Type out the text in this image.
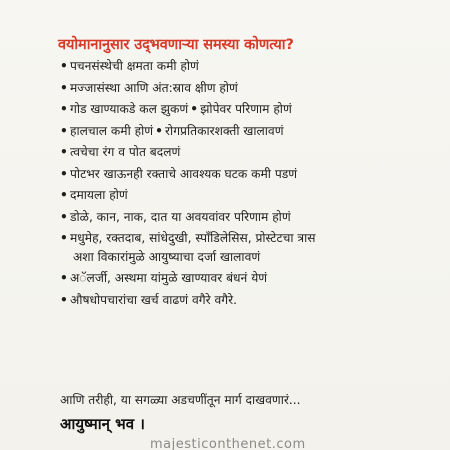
वयोमानानुसार उद्‌भवणाऱ्या समस्या कोणत्या?
• पचनसंस्थेची क्षमता कमी होणं
• मज्जासंस्था आणि अंत:स्राव क्षीण होणं
• गोड खाण्याकडे कल झुकणं • झोपेवर परिणाम होणं
• हालचाल कमी होणं • रोगप्रतिकारशक्ती खालावणं
• त्वचेचा रंग व पोत बदलणं
• पोटभर खाऊनही रक्ताचे आवश्यक घटक कमी पडणं
• दमायला होणं
• डोळे, कान, नाक, दात या अवयवांवर परिणाम होणं
• मधुमेह, रक्तदाब, सांधेदुखी, स्पाँडिलेसिस, प्रोस्टेटचा त्रास
अशा विकारांमुळे आयुष्याचा दर्जा खालावणं
• अॅलर्जी, अस्थमा यांमुळे खाण्यावर बंधनं येणं
• औषधोपचारांचा खर्च वाढणं वगैरे वगैरे.
आणि तरीही, या सगळ्या अडचणींतून मार्ग दाखवणारं...
आयुष्मान् भव ।
majesticonthenet.com
